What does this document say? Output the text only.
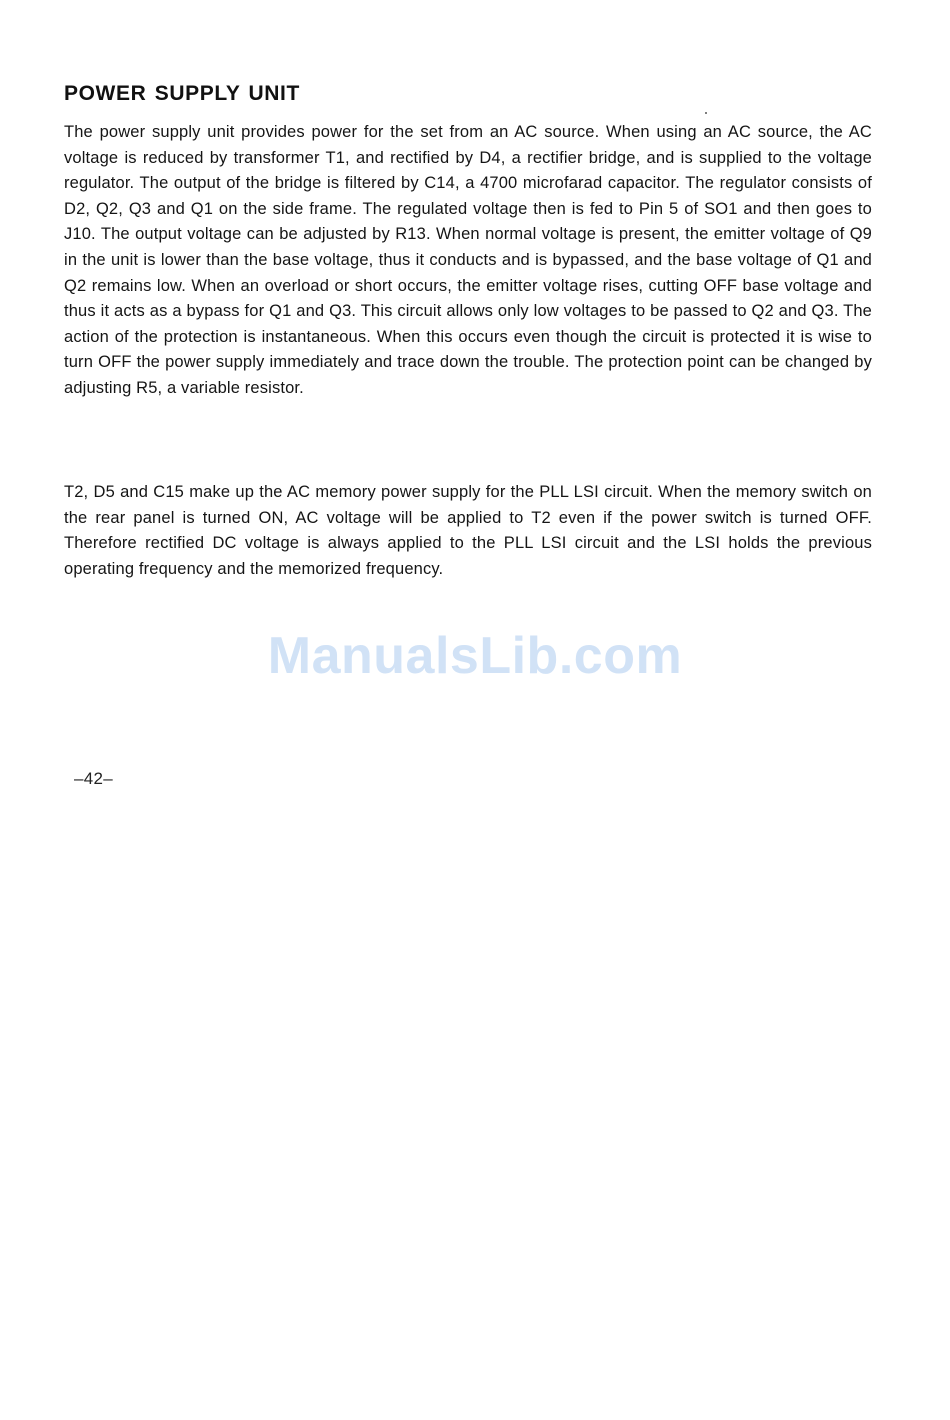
POWER SUPPLY UNIT

The power supply unit provides power for the set from an AC source. When using an AC source, the AC voltage is reduced by transformer T1, and rectified by D4, a rectifier bridge, and is supplied to the voltage regulator. The output of the bridge is filtered by C14, a 4700 microfarad capacitor. The regulator consists of D2, Q2, Q3 and Q1 on the side frame. The regulated voltage then is fed to Pin 5 of SO1 and then goes to J10. The output voltage can be adjusted by R13. When normal voltage is present, the emitter voltage of Q9 in the unit is lower than the base voltage, thus it conducts and is bypassed, and the base voltage of Q1 and Q2 remains low. When an overload or short occurs, the emitter voltage rises, cutting OFF base voltage and thus it acts as a bypass for Q1 and Q3. This circuit allows only low voltages to be passed to Q2 and Q3. The action of the protection is instantaneous. When this occurs even though the circuit is protected it is wise to turn OFF the power supply immediately and trace down the trouble. The protection point can be changed by adjusting R5, a variable resistor.

T2, D5 and C15 make up the AC memory power supply for the PLL LSI circuit. When the memory switch on the rear panel is turned ON, AC voltage will be applied to T2 even if the power switch is turned OFF. Therefore rectified DC voltage is always applied to the PLL LSI circuit and the LSI holds the previous operating frequency and the memorized frequency.

ManualsLib.com
–42–
